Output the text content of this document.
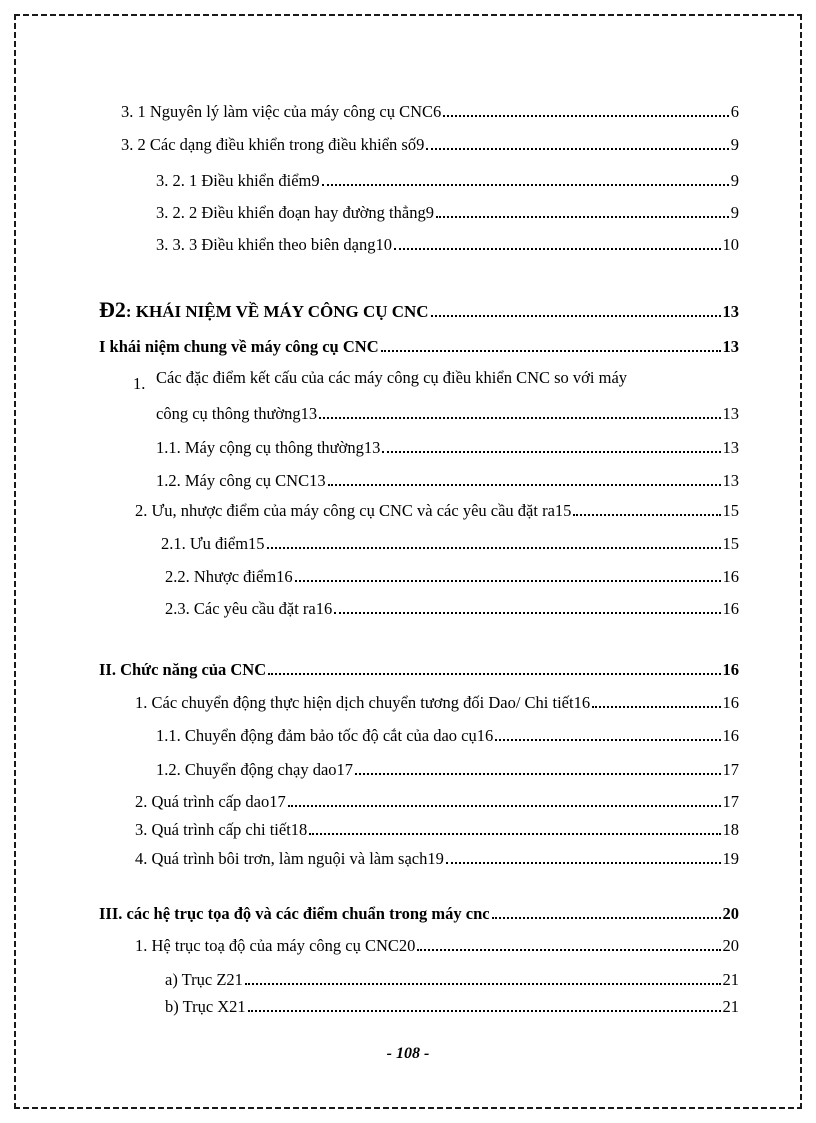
3. 1 Nguyên lý làm việc của máy công cụ CNC6	6
3. 2 Các dạng điều khiển trong điều khiển số9	9
3. 2. 1 Điều khiển điểm9	9
3. 2. 2 Điều khiển đoạn hay đường thẳng9	9
3. 3. 3 Điều khiển theo biên dạng10	10
Đ2: KHÁI NIỆM VỀ MÁY CÔNG CỤ CNC	13
I khái niệm chung về máy công cụ CNC	13
1. Các đặc điểm kết cấu của các máy công cụ điều khiển CNC so với máy
công cụ thông thường13	13
1.1. Máy cộng cụ thông thường13	13
1.2. Máy công cụ CNC13	13
2. Ưu, nhược điểm của máy công cụ CNC và các yêu cầu đặt ra15	15
2.1. Ưu điểm15	15
2.2. Nhược điểm16	16
2.3. Các yêu cầu đặt ra16	16
II. Chức năng của CNC	16
1. Các chuyển động thực hiện dịch chuyển tương đối Dao/ Chi tiết16	16
1.1. Chuyển động đảm bảo tốc độ cắt của dao cụ16	16
1.2. Chuyển động chạy dao17	17
2. Quá trình cấp dao17	17
3. Quá trình cấp chi tiết18	18
4. Quá trình bôi trơn, làm nguội và làm sạch19	19
III. các hệ trục tọa độ và các điểm chuẩn trong máy cnc	20
1. Hệ trục toạ độ của máy công cụ CNC20	20
a) Trục Z21	21
b) Trục X21	21
- 108 -
